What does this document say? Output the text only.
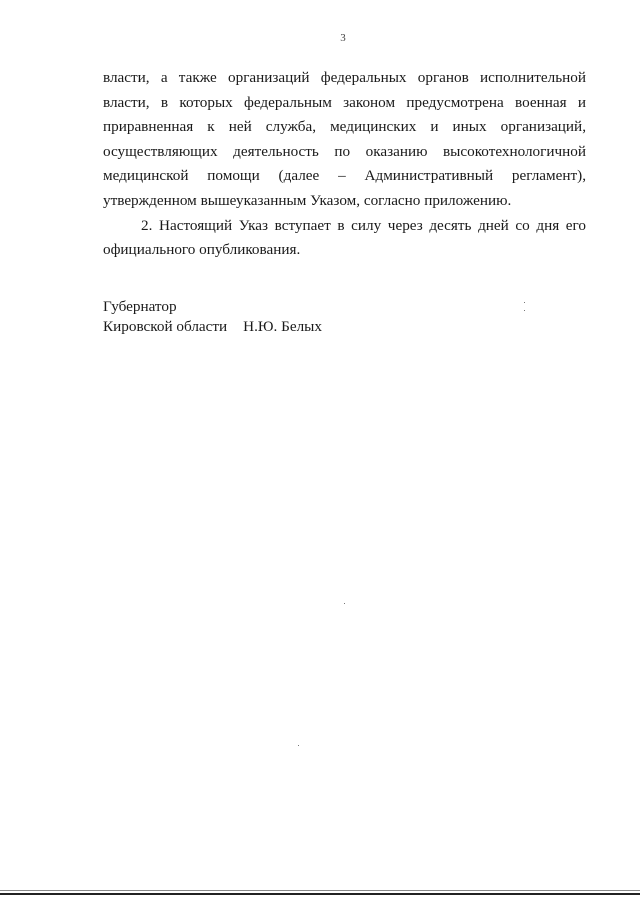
3

власти, а также организаций федеральных органов исполнительной власти, в которых федеральным законом предусмотрена военная и приравненная к ней служба, медицинских и иных организаций, осуществляющих деятельность по оказанию высокотехнологичной медицинской помощи (далее – Административный регламент), утвержденном вышеуказанным Указом, согласно приложению.

2. Настоящий Указ вступает в силу через десять дней со дня его официального опубликования.

Губернатор
Кировской области Н.Ю. Белых
